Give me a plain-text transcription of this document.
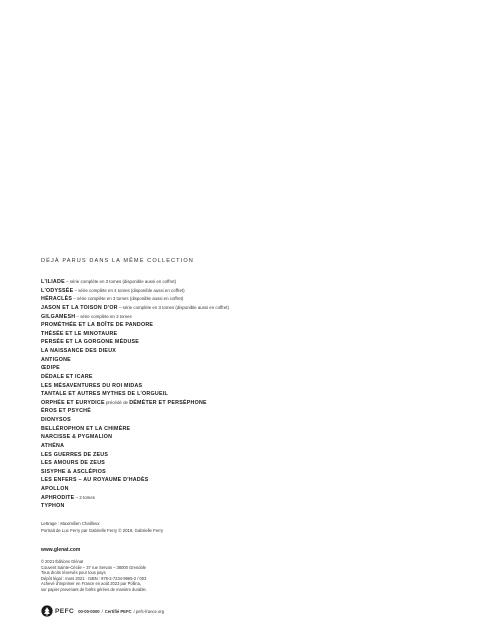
DÉJÀ PARUS DANS LA MÊME COLLECTION
L'ILIADE – série complète en 3 tomes (disponible aussi en coffret)
L'ODYSSÉE – série complète en 4 tomes (disponible aussi en coffret)
HÉRACLÈS – série complète en 3 tomes (disponible aussi en coffret)
JASON ET LA TOISON D'OR – série complète en 3 tomes (disponible aussi en coffret)
GILGAMESH – série complète en 3 tomes
PROMÉTHÉE ET LA BOÎTE DE PANDORE
THÉSÉE ET LE MINOTAURE
PERSÉE ET LA GORGONE MÉDUSE
LA NAISSANCE DES DIEUX
ANTIGONE
ŒDIPE
DÉDALE ET ICARE
LES MÉSAVENTURES DU ROI MIDAS
TANTALE ET AUTRES MYTHES DE L'ORGUEIL
ORPHÉE ET EURYDICE précédé de DÉMÉTER ET PERSÉPHONE
ÉROS ET PSYCHÉ
DIONYSOS
BELLÉROPHON ET LA CHIMÈRE
NARCISSE & PYGMALION
ATHÉNA
LES GUERRES DE ZEUS
LES AMOURS DE ZEUS
SISYPHE & ASCLÉPIOS
LES ENFERS – AU ROYAUME D'HADÈS
APOLLON
APHRODITE – 2 tomes
TYPHON
Lettrage : Maximilien Chailleux
Portrait de Luc Ferry par Gabrielle Ferry © 2019, Gabrielle Ferry
www.glenat.com
© 2021 Éditions Glénat
Couvent Sainte-Cécile – 37 rue Servan – 38000 Grenoble
Tous droits réservés pour tous pays
Dépôt légal : mars 2021 · ISBN : 978-2-7234-9965-2 / 003
Achevé d'imprimer en France en août 2023 par Pollina,
sur papier provenant de forêts gérées de manière durable.
PEFC 00-00-0000 / Certifié PEFC / pefc-france.org
